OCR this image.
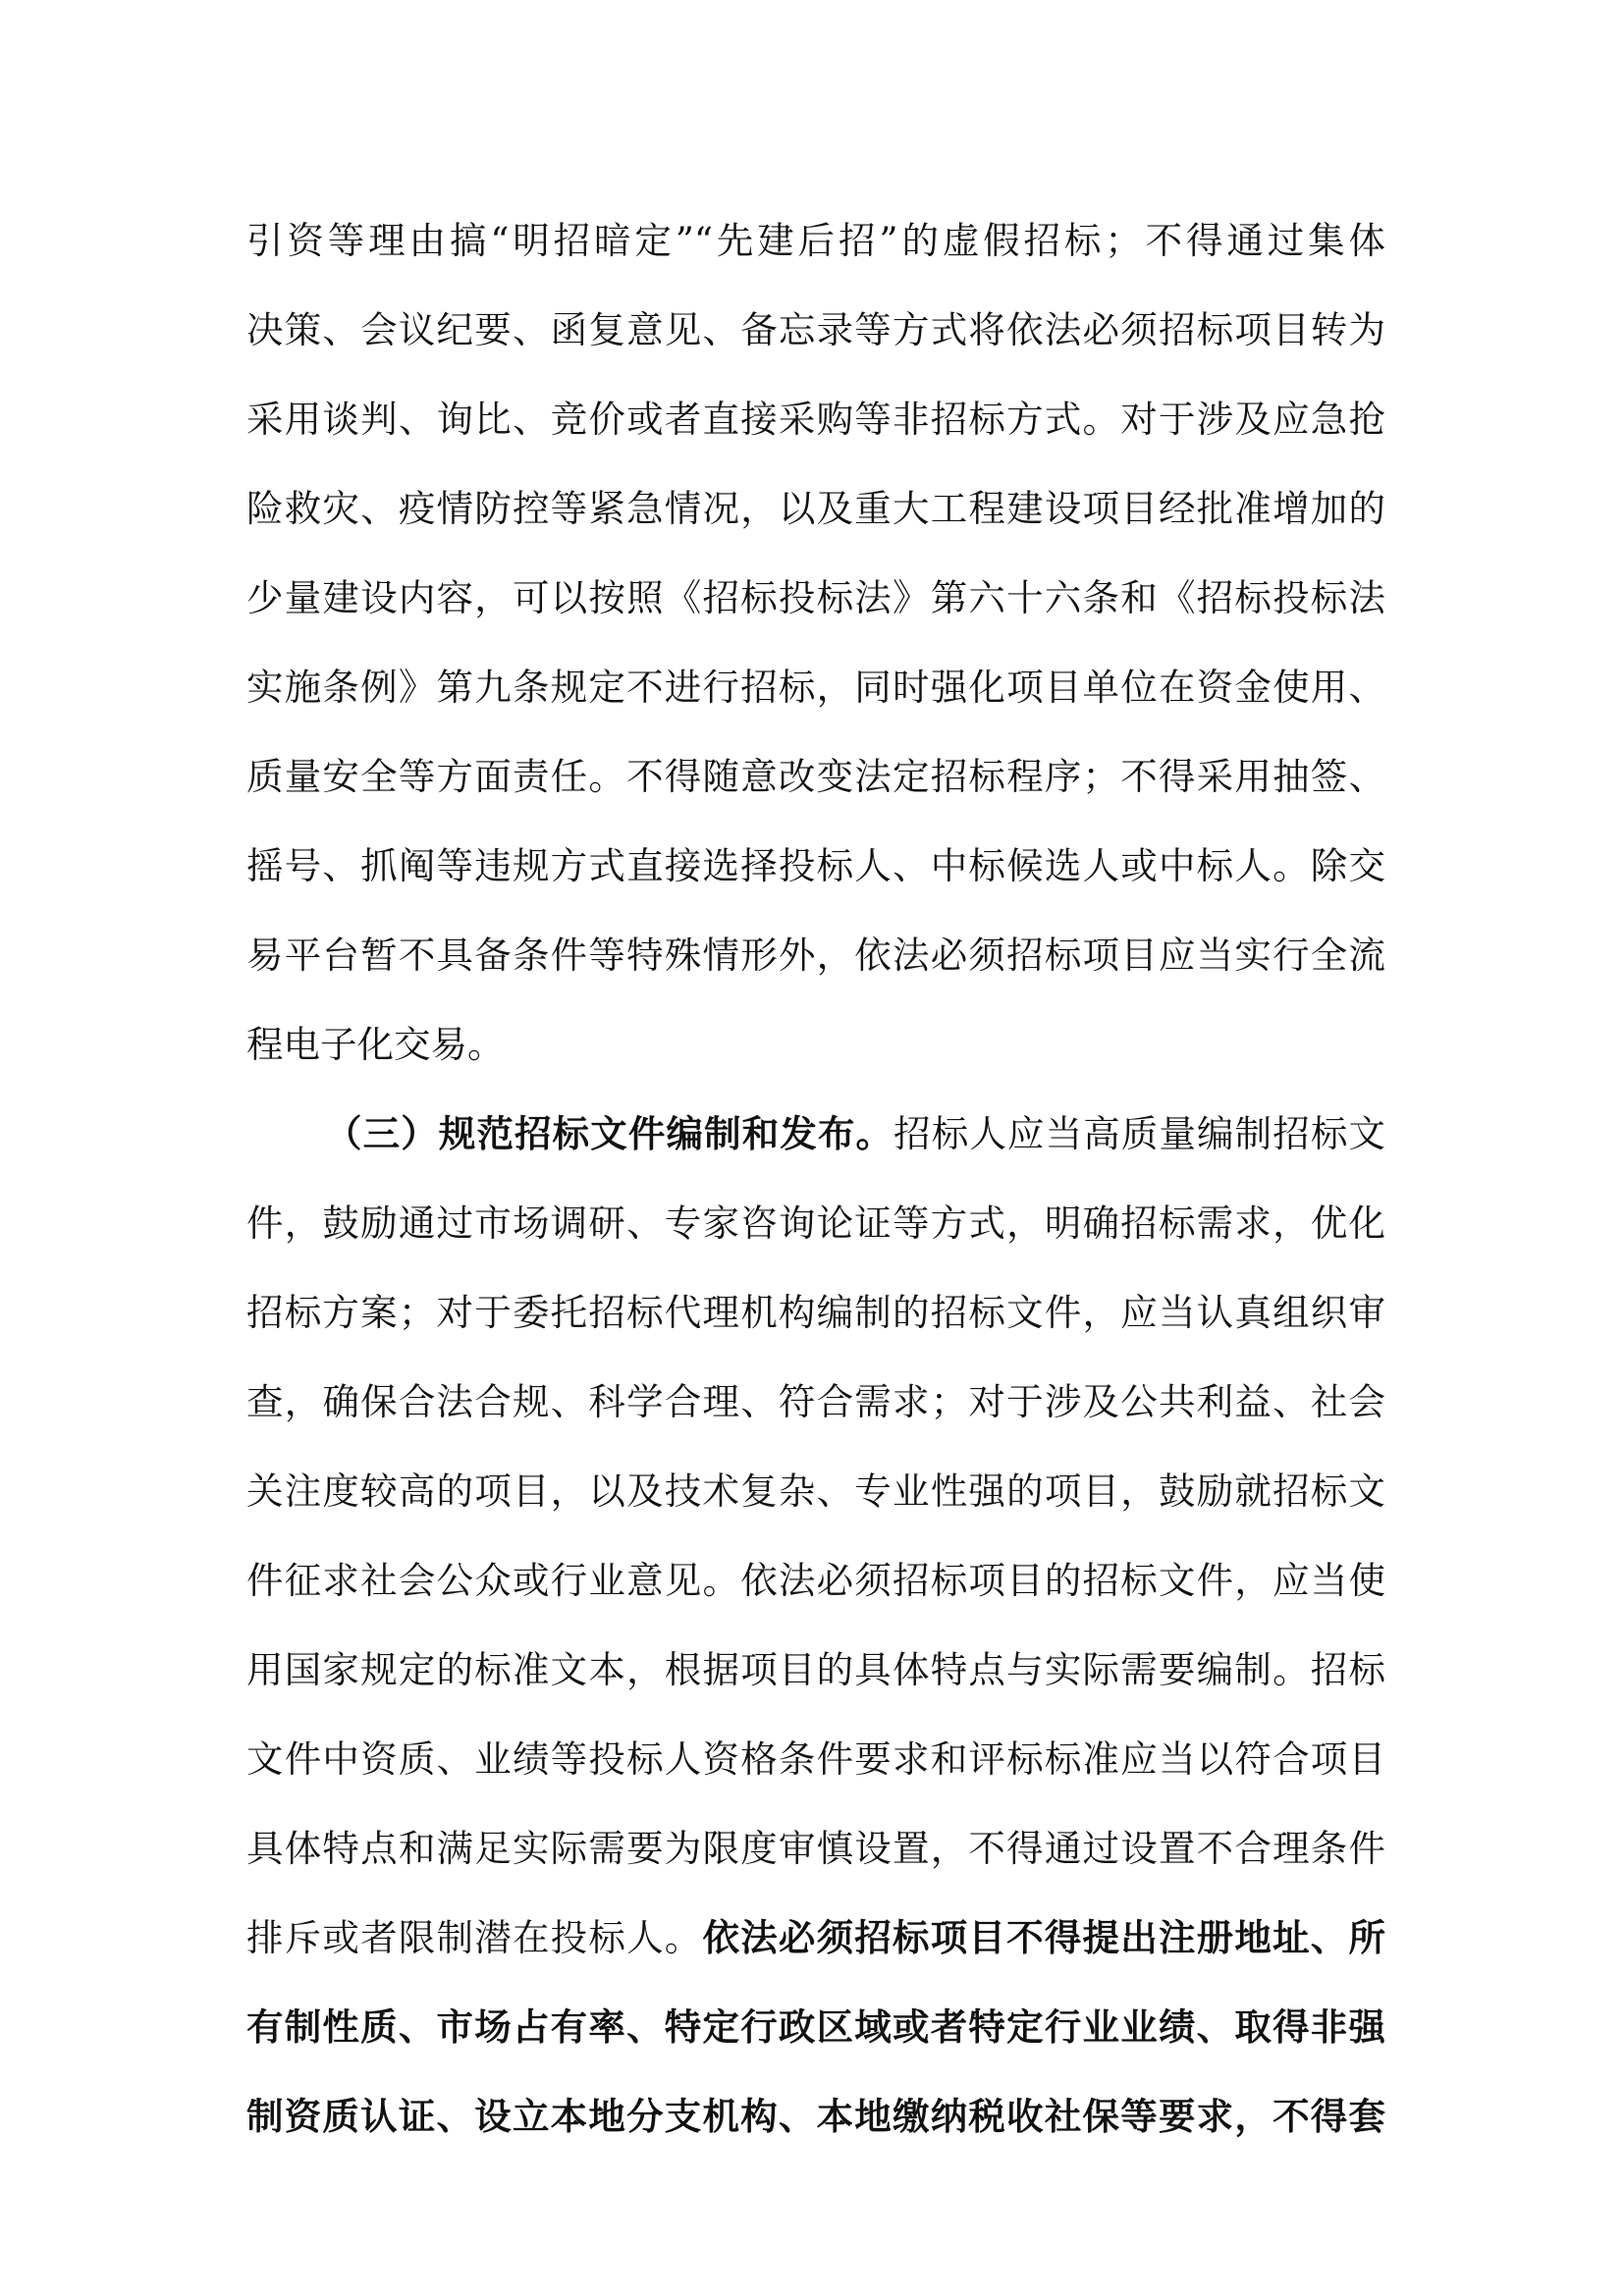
引资等理由搞“明招暗定”“先建后招”的虚假招标；不得通过集体
决策、会议纪要、函复意见、备忘录等方式将依法必须招标项目转为
采用谈判、询比、竞价或者直接采购等非招标方式。对于涉及应急抢
险救灾、疫情防控等紧急情况，以及重大工程建设项目经批准增加的
少量建设内容，可以按照《招标投标法》第六十六条和《招标投标法
实施条例》第九条规定不进行招标，同时强化项目单位在资金使用、
质量安全等方面责任。不得随意改变法定招标程序；不得采用抽签、
摇号、抓阄等违规方式直接选择投标人、中标候选人或中标人。除交
易平台暂不具备条件等特殊情形外，依法必须招标项目应当实行全流
程电子化交易。
（三）规范招标文件编制和发布。招标人应当高质量编制招标文
件，鼓励通过市场调研、专家咨询论证等方式，明确招标需求，优化
招标方案；对于委托招标代理机构编制的招标文件，应当认真组织审
查，确保合法合规、科学合理、符合需求；对于涉及公共利益、社会
关注度较高的项目，以及技术复杂、专业性强的项目，鼓励就招标文
件征求社会公众或行业意见。依法必须招标项目的招标文件，应当使
用国家规定的标准文本，根据项目的具体特点与实际需要编制。招标
文件中资质、业绩等投标人资格条件要求和评标标准应当以符合项目
具体特点和满足实际需要为限度审慎设置，不得通过设置不合理条件
排斥或者限制潜在投标人。依法必须招标项目不得提出注册地址、所
有制性质、市场占有率、特定行政区域或者特定行业业绩、取得非强
制资质认证、设立本地分支机构、本地缴纳税收社保等要求，不得套
